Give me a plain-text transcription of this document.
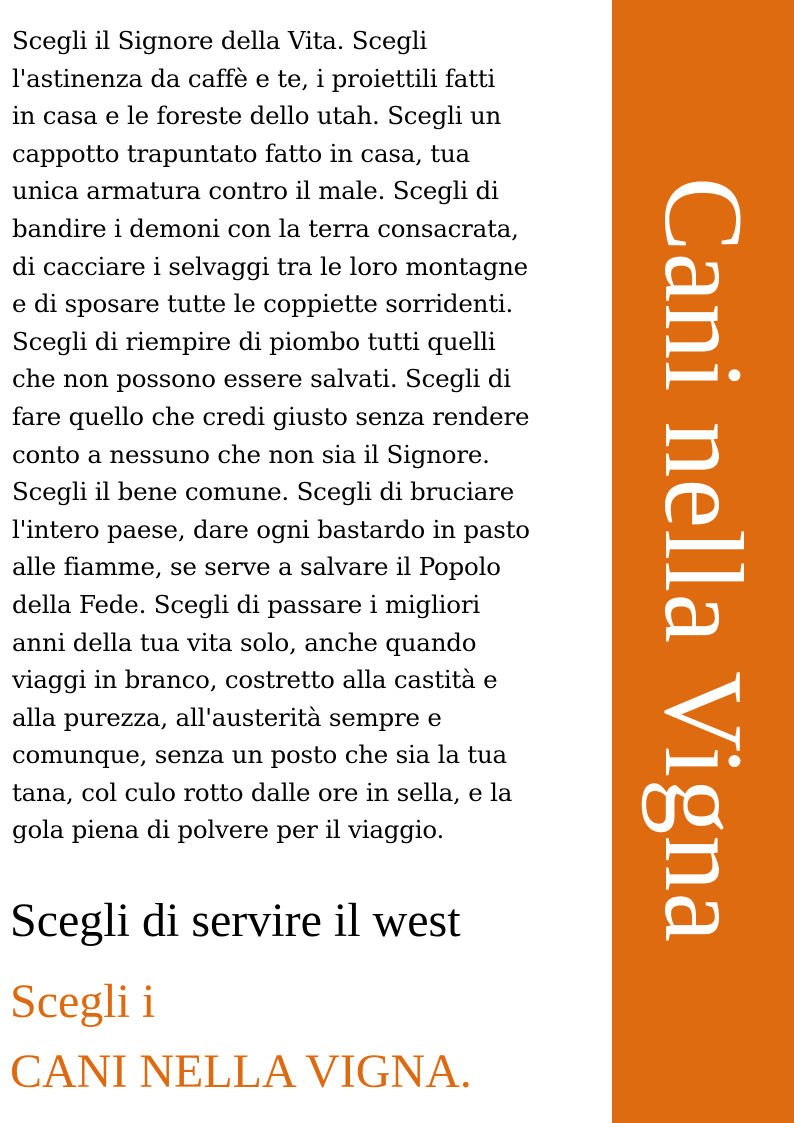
Scegli il Signore della Vita. Scegli
l'astinenza da caffè e te, i proiettili fatti
in casa e le foreste dello utah. Scegli un
cappotto trapuntato fatto in casa, tua
unica armatura contro il male. Scegli di
bandire i demoni con la terra consacrata,
di cacciare i selvaggi tra le loro montagne
e di sposare tutte le coppiette sorridenti.
Scegli di riempire di piombo tutti quelli
che non possono essere salvati. Scegli di
fare quello che credi giusto senza rendere
conto a nessuno che non sia il Signore.
Scegli il bene comune. Scegli di bruciare
l'intero paese, dare ogni bastardo in pasto
alle fiamme, se serve a salvare il Popolo
della Fede. Scegli di passare i migliori
anni della tua vita solo, anche quando
viaggi in branco, costretto alla castità e
alla purezza, all'austerità sempre e
comunque, senza un posto che sia la tua
tana, col culo rotto dalle ore in sella, e la
gola piena di polvere per il viaggio.

Scegli di servire il west

Scegli i

CANI NELLA VIGNA.

Cani nella Vigna
